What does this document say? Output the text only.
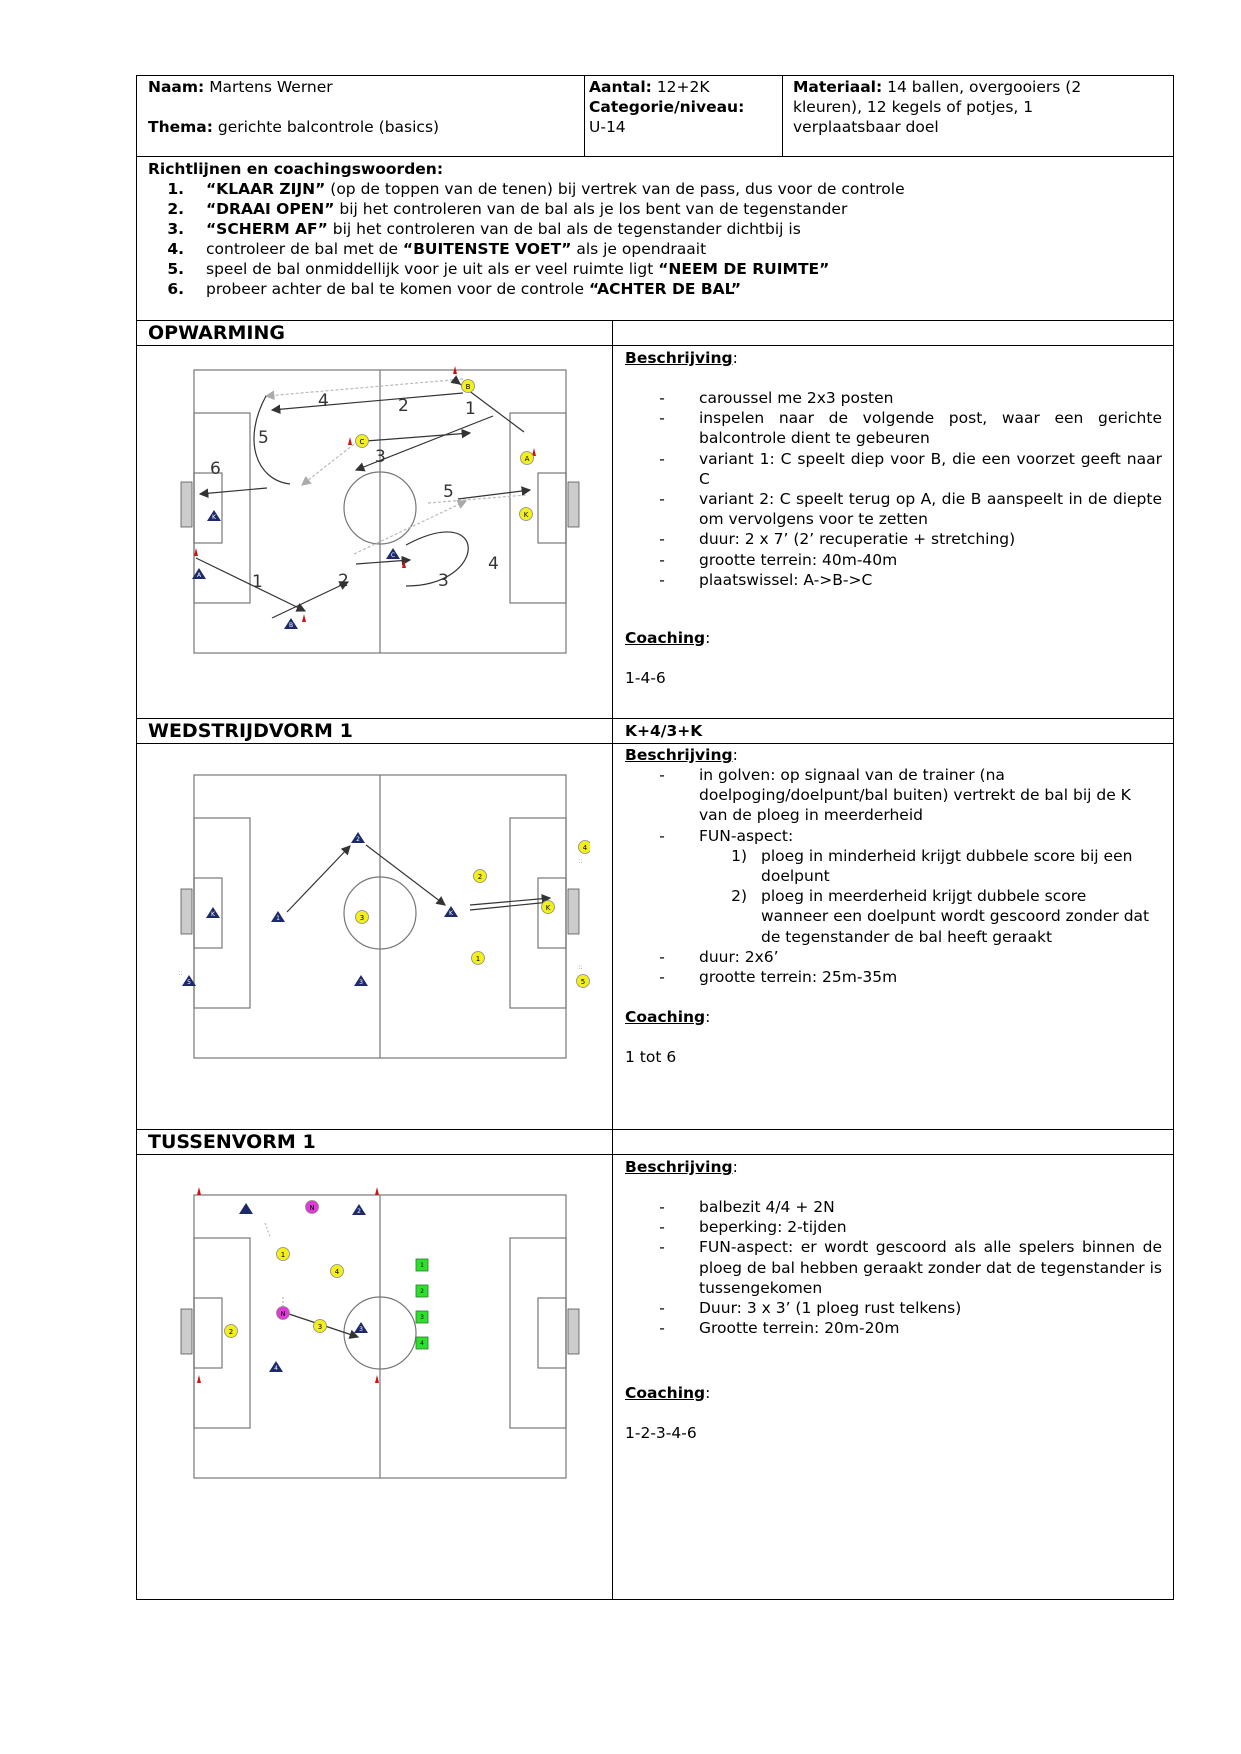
Naam: Martens Werner
Thema: gerichte balcontrole (basics)
Aantal: 12+2K
Categorie/niveau:
U-14
Materiaal: 14 ballen, overgooiers (2
kleuren), 12 kegels of potjes, 1
verplaatsbaar doel
Richtlijnen en coachingswoorden:
1.	“KLAAR ZIJN” (op de toppen van de tenen) bij vertrek van de pass, dus voor de controle
2.	“DRAAI OPEN” bij het controleren van de bal als je los bent van de tegenstander
3.	“SCHERM AF” bij het controleren van de bal als de tegenstander dichtbij is
4.	controleer de bal met de “BUITENSTE VOET” als je opendraait
5.	speel de bal onmiddellijk voor je uit als er veel ruimte ligt “NEEM DE RUIMTE”
6.	probeer achter de bal te komen voor de controle “ACHTER DE BAL”
OPWARMING
WEDSTRIJDVORM 1	K+4/3+K
TUSSENVORM 1
Beschrijving:
-	caroussel me 2x3 posten
-	inspelen naar de volgende post, waar een gerichte balcontrole dient te gebeuren
-	variant 1: C speelt diep voor B, die een voorzet geeft naar C
-	variant 2: C speelt terug op A, die B aanspeelt in de diepte om vervolgens voor te zetten
-	duur: 2 x 7’ (2’ recuperatie + stretching)
-	grootte terrein: 40m-40m
-	plaatswissel: A->B->C
Coaching:
1-4-6
Beschrijving:
-	in golven: op signaal van de trainer (na doelpoging/doelpunt/bal buiten) vertrekt de bal bij de K van de ploeg in meerderheid
-	FUN-aspect:
1) ploeg in minderheid krijgt dubbele score bij een doelpunt
2) ploeg in meerderheid krijgt dubbele score wanneer een doelpunt wordt gescoord zonder dat de tegenstander de bal heeft geraakt
-	duur: 2x6’
-	grootte terrein: 25m-35m
Coaching:
1 tot 6
Beschrijving:
-	balbezit 4/4 + 2N
-	beperking: 2-tijden
-	FUN-aspect: er wordt gescoord als alle spelers binnen de ploeg de bal hebben geraakt zonder dat de tegenstander is tussengekomen
-	Duur: 3 x 3’ (1 ploeg rust telkens)
-	Grootte terrein: 20m-20m
Coaching:
1-2-3-4-6
4	2	1
5
3
6
5
4
1	2	3
B
C
A
K
K
A
C
B
::
::
::
4
2
K
1
3
5
2
K
1
5	3
K
1
2
3
4
N
N
1
4
2
3
2
3
4
